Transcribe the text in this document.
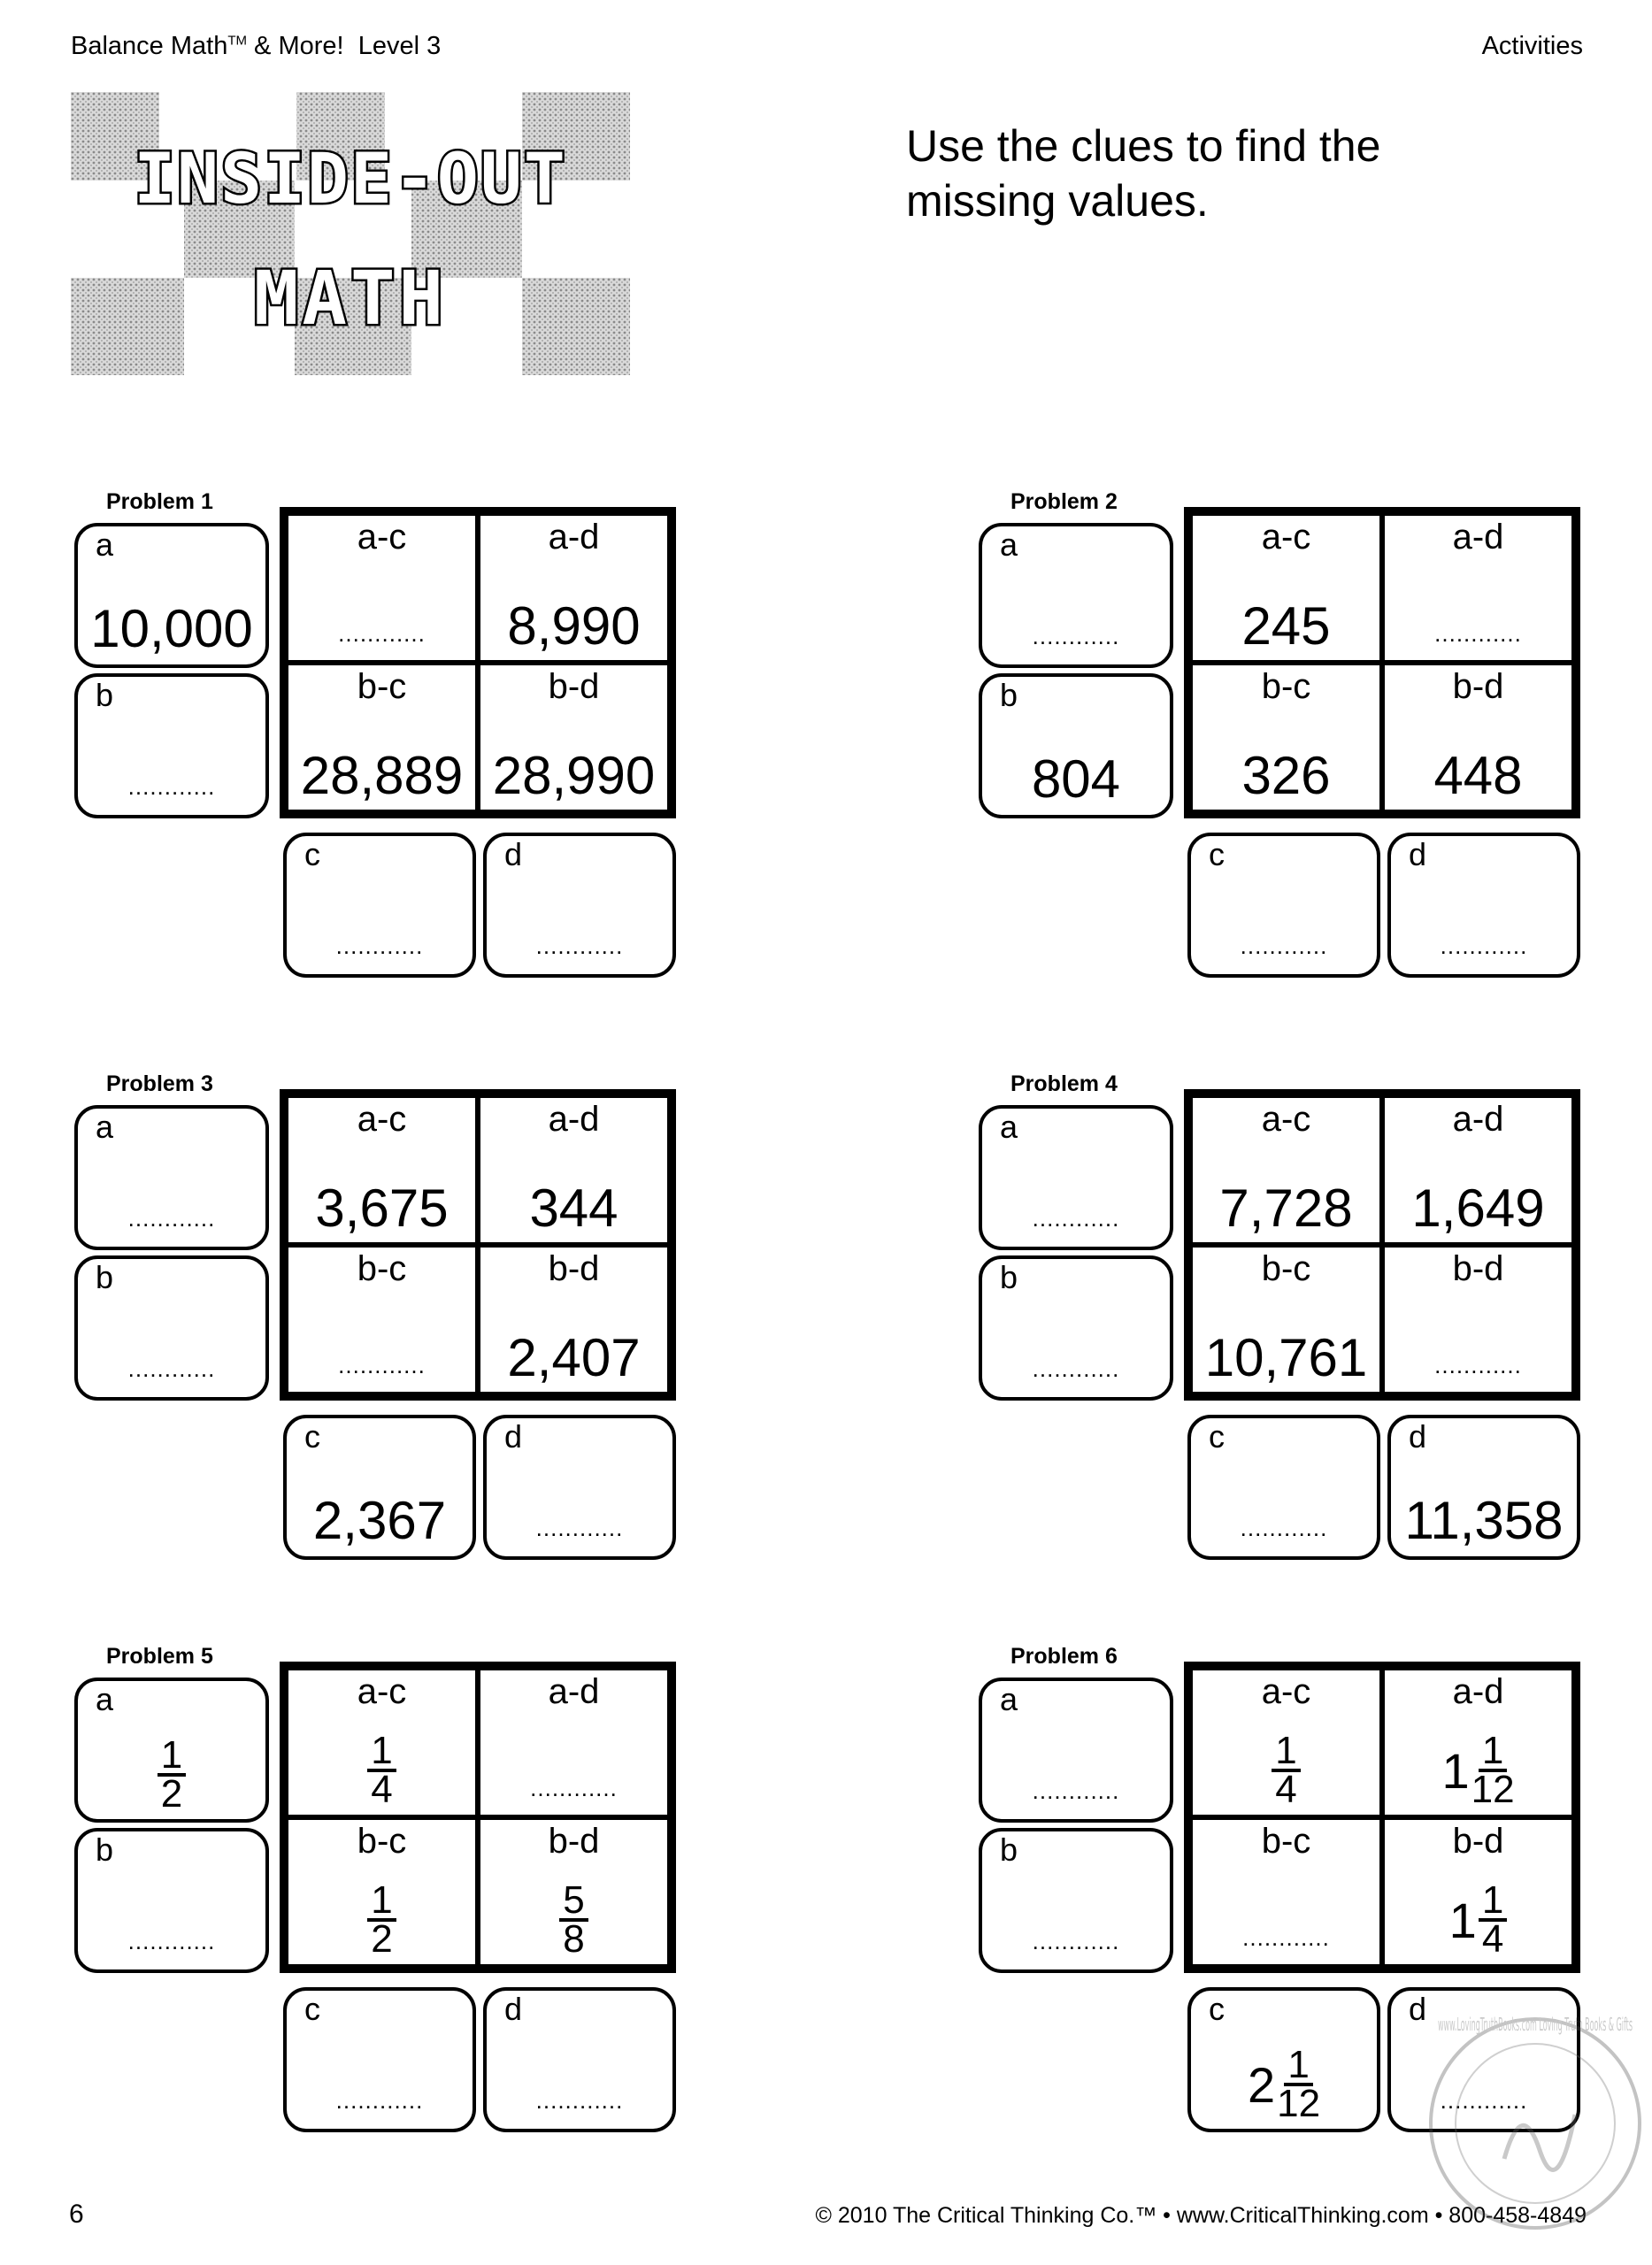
Balance Math™ & More!  Level 3	Activities
INSIDE-OUT
MATH
Use the clues to find the missing values.
Problem 1
a
10,000
b
............
c
............
d
............
a-c
............
a-d
8,990
b-c
28,889
b-d
28,990
Problem 2
a
............
b
804
c
............
d
............
a-c
245
a-d
............
b-c
326
b-d
448
Problem 3
a
............
b
............
c
2,367
d
............
a-c
3,675
a-d
344
b-c
............
b-d
2,407
Problem 4
a
............
b
............
c
............
d
11,358
a-c
7,728
a-d
1,649
b-c
10,761
b-d
............
Problem 5
a
$\frac{1}{2}$
b
............
c
............
d
............
a-c
$\frac{1}{4}$
a-d
............
b-c
$\frac{1}{2}$
b-d
$\frac{5}{8}$
Problem 6
a
............
b
............
c
$2 \frac{1}{12}$
d
............
a-c
$\frac{1}{4}$
a-d
$1 \frac{1}{12}$
b-c
............
b-d
$1 \frac{1}{4}$
6	© 2010 The Critical Thinking Co.™ • www.CriticalThinking.com • 800-458-4849
www.LovingTruthBooks.com Loving Truth Books & Gifts
